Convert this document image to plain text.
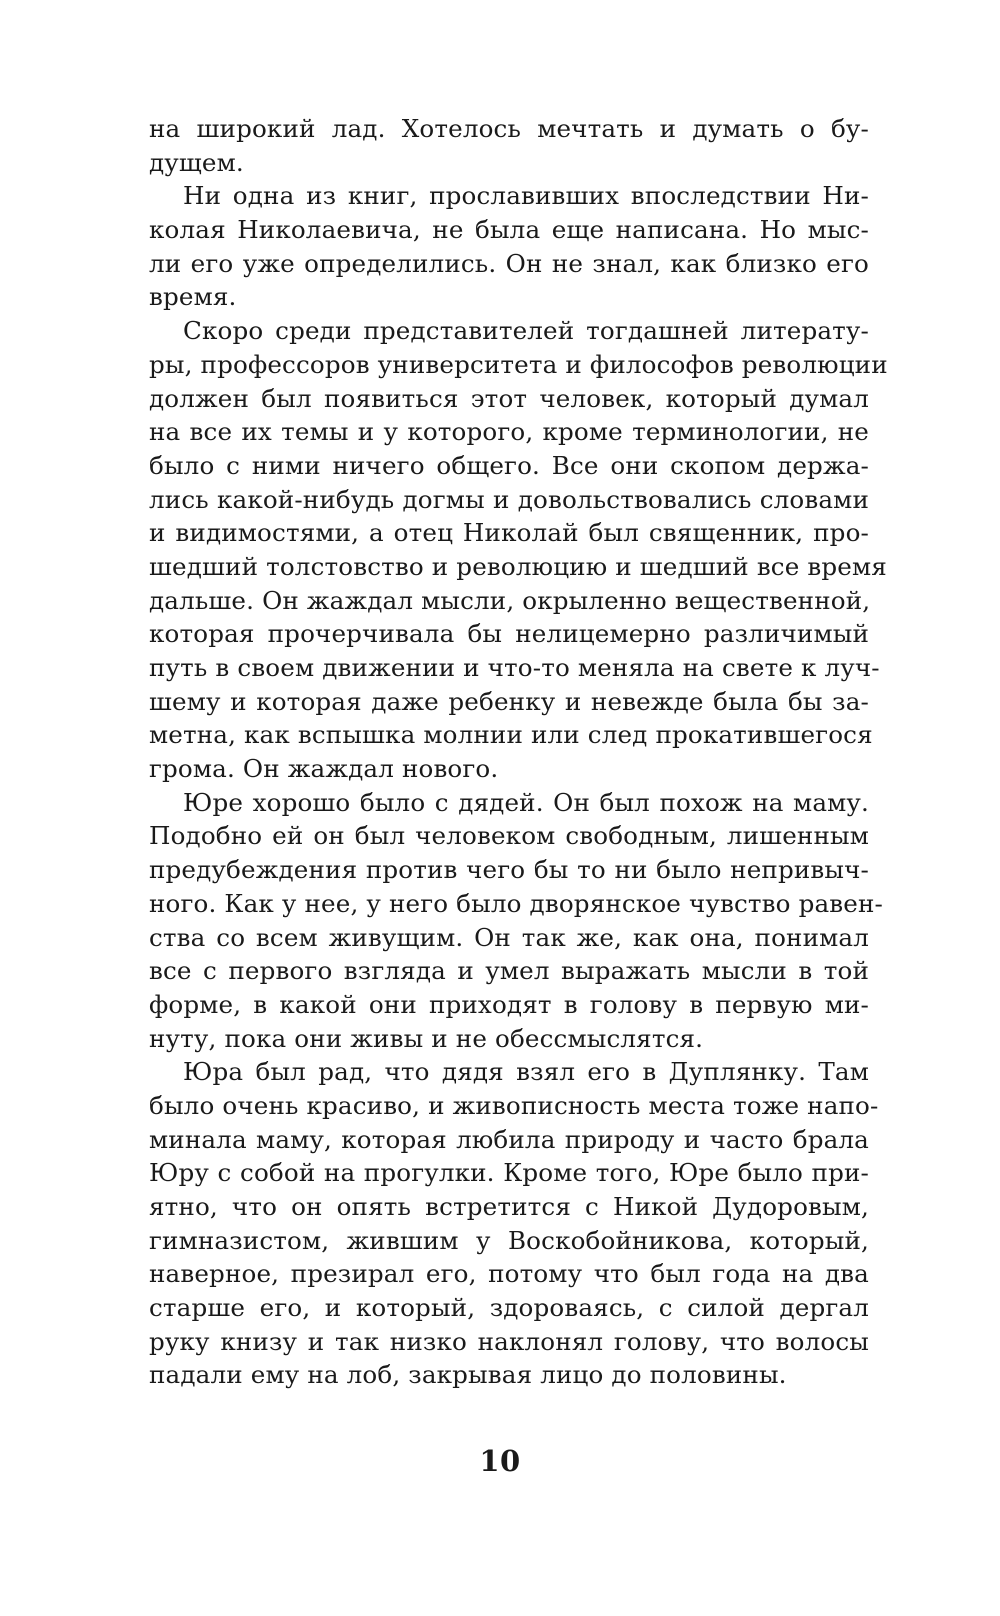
на широкий лад. Хотелось мечтать и думать о бу-
дущем.
Ни одна из книг, прославивших впоследствии Ни-
колая Николаевича, не была еще написана. Но мыс-
ли его уже определились. Он не знал, как близко его
время.
Скоро среди представителей тогдашней литерату-
ры, профессоров университета и философов революции
должен был появиться этот человек, который думал
на все их темы и у которого, кроме терминологии, не
было с ними ничего общего. Все они скопом держа-
лись какой-нибудь догмы и довольствовались словами
и видимостями, а отец Николай был священник, про-
шедший толстовство и революцию и шедший все время
дальше. Он жаждал мысли, окрыленно вещественной,
которая прочерчивала бы нелицемерно различимый
путь в своем движении и что-то меняла на свете к луч-
шему и которая даже ребенку и невежде была бы за-
метна, как вспышка молнии или след прокатившегося
грома. Он жаждал нового.
Юре хорошо было с дядей. Он был похож на маму.
Подобно ей он был человеком свободным, лишенным
предубеждения против чего бы то ни было непривыч-
ного. Как у нее, у него было дворянское чувство равен-
ства со всем живущим. Он так же, как она, понимал
все с первого взгляда и умел выражать мысли в той
форме, в какой они приходят в голову в первую ми-
нуту, пока они живы и не обессмыслятся.
Юра был рад, что дядя взял его в Дуплянку. Там
было очень красиво, и живописность места тоже напо-
минала маму, которая любила природу и часто брала
Юру с собой на прогулки. Кроме того, Юре было при-
ятно, что он опять встретится с Никой Дудоровым,
гимназистом, жившим у Воскобойникова, который,
наверное, презирал его, потому что был года на два
старше его, и который, здороваясь, с силой дергал
руку книзу и так низко наклонял голову, что волосы
падали ему на лоб, закрывая лицо до половины.
10
